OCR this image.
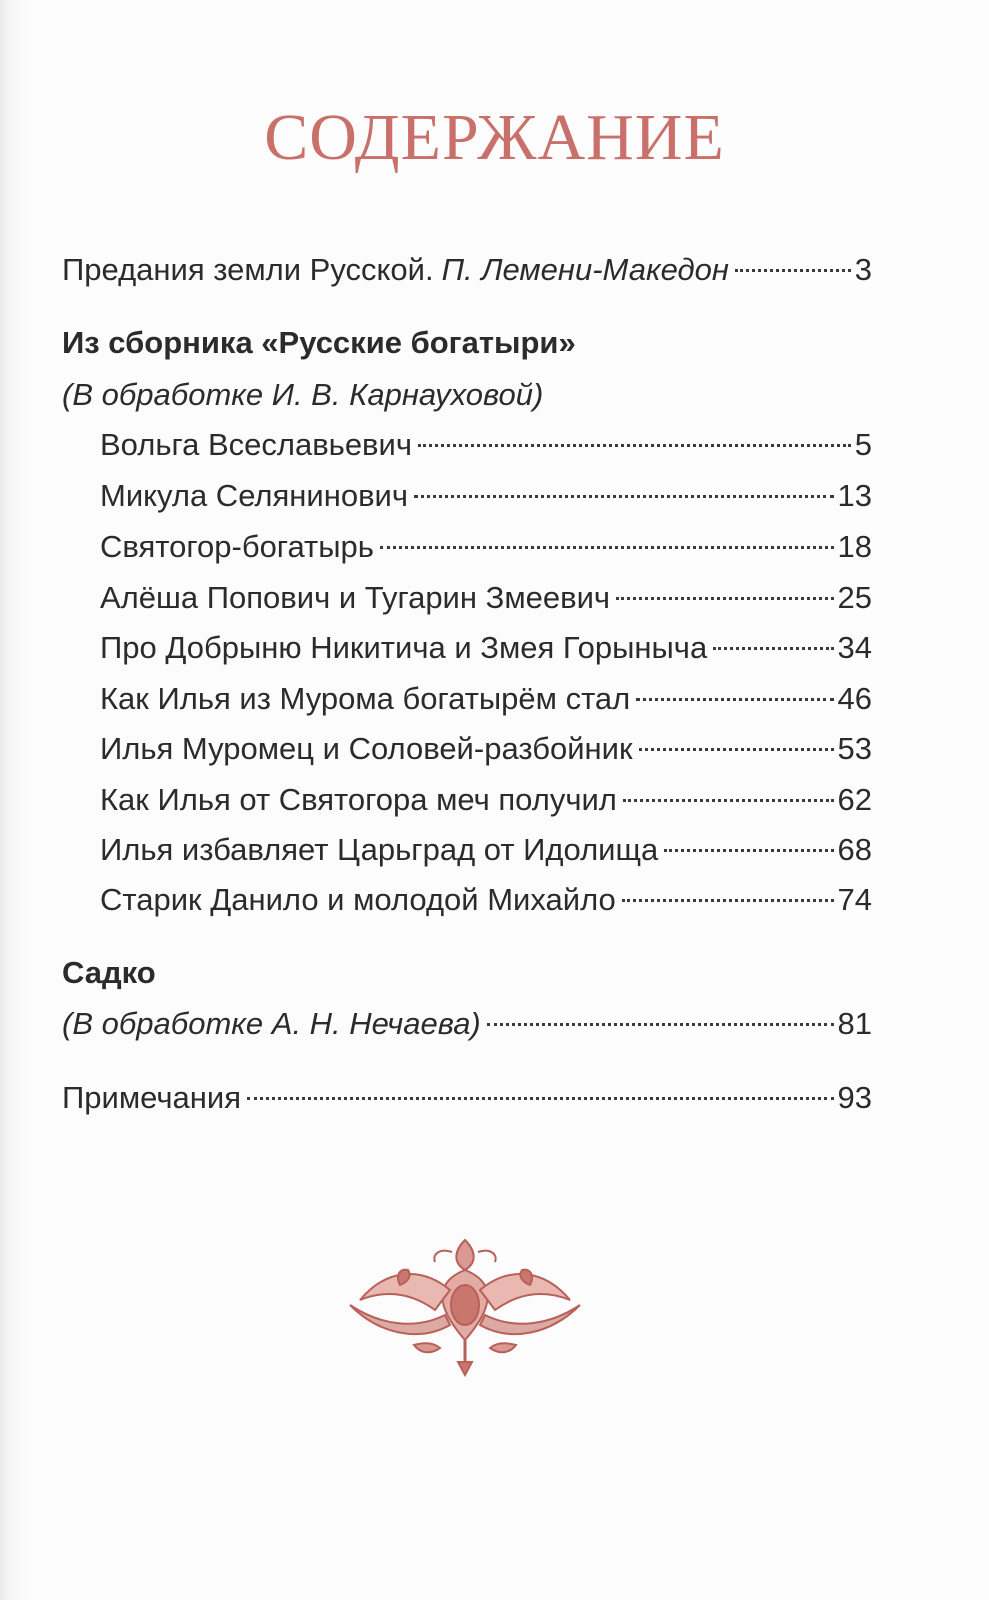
СОДЕРЖАНИЕ
Предания земли Русской. П. Лемени-Македон	3
Из сборника «Русские богатыри»
(В обработке И. В. Карнауховой)
Вольга Всеславьевич	5
Микула Селянинович	13
Святогор-богатырь	18
Алёша Попович и Тугарин Змеевич	25
Про Добрыню Никитича и Змея Горыныча	34
Как Илья из Мурома богатырём стал	46
Илья Муромец и Соловей-разбойник	53
Как Илья от Святогора меч получил	62
Илья избавляет Царьград от Идолища	68
Старик Данило и молодой Михайло	74
Садко
(В обработке А. Н. Нечаева)	81
Примечания	93
